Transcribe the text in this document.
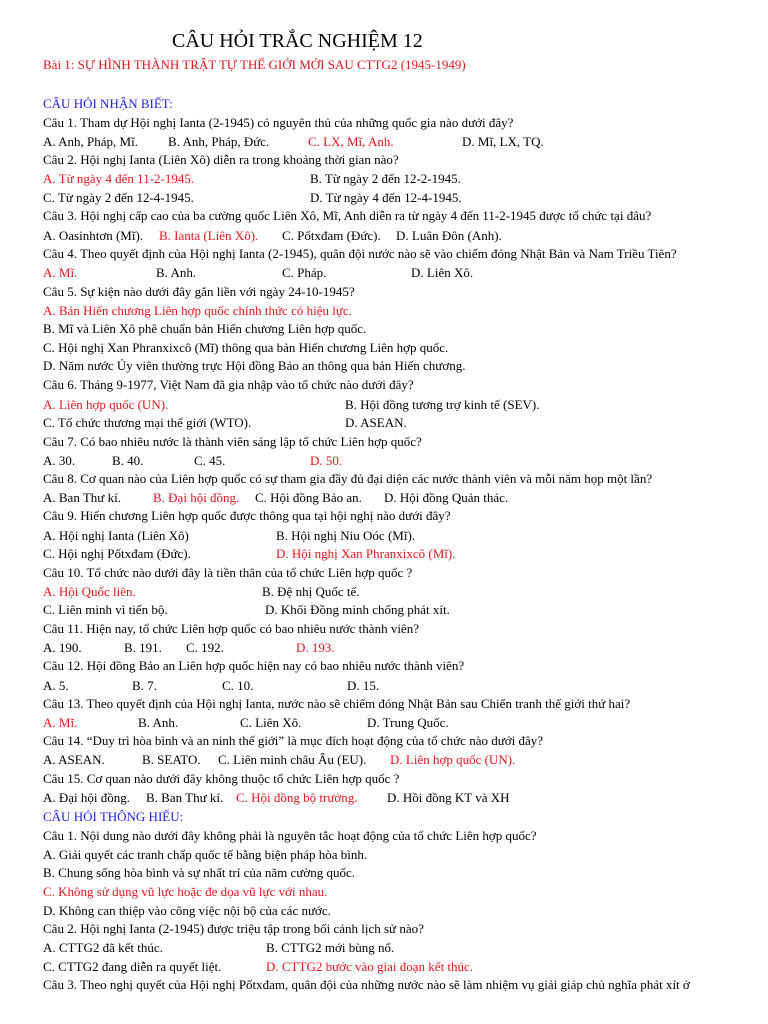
CÂU HỎI TRẮC NGHIỆM 12
Bài 1: SỰ HÌNH THÀNH TRẬT TỰ THẾ GIỚI MỚI SAU CTTG2 (1945-1949)
CÂU HỎI NHẬN BIẾT:
Câu 1. Tham dự Hội nghị Ianta (2-1945) có nguyên thủ của những quốc gia nào dưới đây?
A. Anh, Pháp, Mĩ. B. Anh, Pháp, Đức.	C. LX, Mĩ, Anh.	D. Mĩ, LX, TQ.
Câu 2. Hội nghị Ianta (Liên Xô) diễn ra trong khoảng thời gian nào?
A. Từ ngày 4 đến 11-2-1945.	B. Từ ngày 2 đến 12-2-1945.
C. Từ ngày 2 đến 12-4-1945.	D. Từ ngày 4 đến 12-4-1945.
Câu 3. Hội nghị cấp cao của ba cường quốc Liên Xô, Mĩ, Anh diễn ra từ ngày 4 đến 11-2-1945 được tổ chức tại đâu?
A. Oasinhtơn (Mĩ). B. Ianta (Liên Xô). C. Pốtxđam (Đức). D. Luân Đôn (Anh).
Câu 4. Theo quyết định của Hội nghị Ianta (2-1945), quân đội nước nào sẽ vào chiếm đóng Nhật Bản và Nam Triều Tiên?
A. Mĩ.	B. Anh.	C. Pháp.	D. Liên Xô.
Câu 5. Sự kiện nào dưới đây gắn liền với ngày 24-10-1945?
A. Bản Hiến chương Liên hợp quốc chính thức có hiệu lực.
B. Mĩ và Liên Xô phê chuẩn bản Hiến chương Liên hợp quốc.
C. Hội nghị Xan Phranxixcô (Mĩ) thông qua bản Hiến chương Liên hợp quốc.
D. Năm nước Ủy viên thường trực Hội đồng Bảo an thông qua bản Hiến chương.
Câu 6. Tháng 9-1977, Việt Nam đã gia nhập vào tổ chức nào dưới đây?
A. Liên hợp quốc (UN).	B. Hội đồng tương trợ kinh tế (SEV).
C. Tổ chức thương mại thế giới (WTO).	D. ASEAN.
Câu 7. Có bao nhiêu nước là thành viên sáng lập tổ chức Liên hợp quốc?
A. 30.	B. 40.	C. 45.	D. 50.
Câu 8. Cơ quan nào của Liên hợp quốc có sự tham gia đầy đủ đại diện các nước thành viên và mỗi năm họp một lần?
A. Ban Thư kí. B. Đại hội đồng. C. Hội đồng Bảo an. D. Hội đồng Quản thác.
Câu 9. Hiến chương Liên hợp quốc được thông qua tại hội nghị nào dưới đây?
A. Hội nghị Ianta (Liên Xô)	B. Hội nghị Niu Oóc (Mĩ).
C. Hội nghị Pốtxđam (Đức).	D. Hội nghị Xan Phranxixcô (Mĩ).
Câu 10. Tổ chức nào dưới đây là tiền thân của tổ chức Liên hợp quốc ?
A. Hội Quốc liên.	B. Đệ nhị Quốc tế.
C. Liên minh vì tiến bộ.	D. Khối Đồng minh chống phát xít.
Câu 11. Hiện nay, tổ chức Liên hợp quốc có bao nhiêu nước thành viên?
A. 190.	B. 191. C. 192.	D. 193.
Câu 12. Hội đồng Bảo an Liên hợp quốc hiện nay có bao nhiêu nước thành viên?
A. 5.	B. 7.	C. 10.	D. 15.
Câu 13. Theo quyết định của Hội nghị Ianta, nước nào sẽ chiếm đóng Nhật Bản sau Chiến tranh thế giới thứ hai?
A. Mĩ.	B. Anh.	C. Liên Xô.	D. Trung Quốc.
Câu 14. “Duy trì hòa bình và an ninh thế giới” là mục đích hoạt động của tổ chức nào dưới đây?
A. ASEAN.	B. SEATO. C. Liên minh châu Âu (EU). D. Liên hợp quốc (UN).
Câu 15. Cơ quan nào dưới đây không thuộc tổ chức Liên hợp quốc ?
A. Đại hội đồng. B. Ban Thư kí. C. Hội đồng bộ trưởng. D. Hồi đồng KT và XH
CÂU HỎI THÔNG HIỂU:
Câu 1. Nội dung nào dưới đây không phải là nguyên tắc hoạt động của tổ chức Liên hợp quốc?
A. Giải quyết các tranh chấp quốc tế bằng biện pháp hòa bình.
B. Chung sống hòa bình và sự nhất trí của năm cường quốc.
C. Không sử dụng vũ lực hoặc đe dọa vũ lực với nhau.
D. Không can thiệp vào công việc nội bộ của các nước.
Câu 2. Hội nghị Ianta (2-1945) được triệu tập trong bối cảnh lịch sử nào?
A. CTTG2 đã kết thúc.	B. CTTG2 mới bùng nổ.
C. CTTG2 đang diễn ra quyết liệt.	D. CTTG2 bước vào giai đoạn kết thúc.
Câu 3. Theo nghị quyết của Hội nghị Pốtxđam, quân đội của những nước nào sẽ làm nhiệm vụ giải giáp chủ nghĩa phát xít ở
